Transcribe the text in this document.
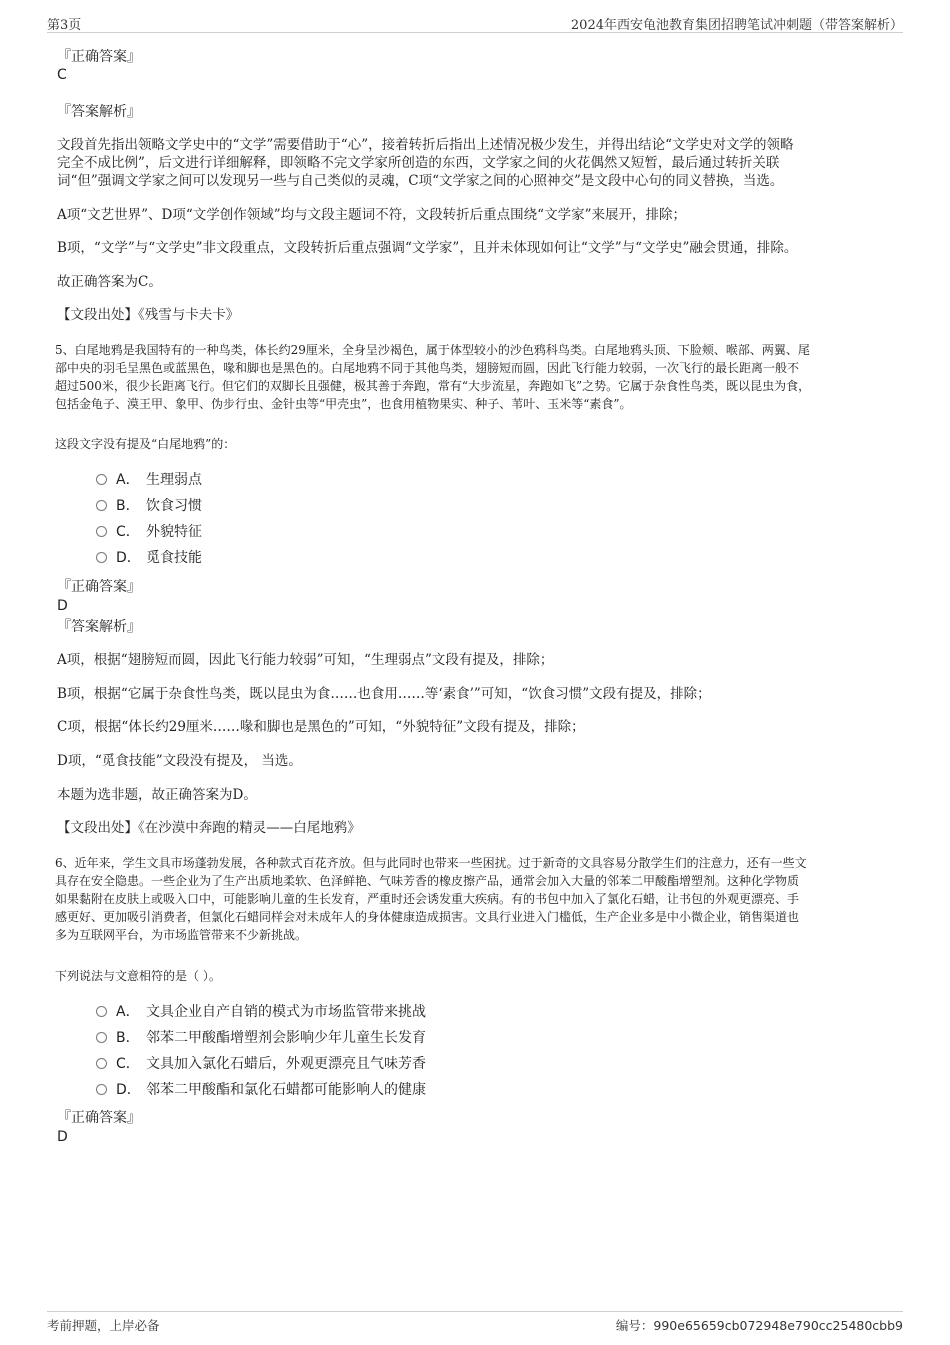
第3页	2024年西安龟池教育集团招聘笔试冲刺题（带答案解析）
『正确答案』
C
『答案解析』
文段首先指出领略文学史中的“文学”需要借助于“心”，接着转折后指出上述情况极少发生，并得出结论“文学史对文学的领略
完全不成比例”，后文进行详细解释，即领略不完文学家所创造的东西，文学家之间的火花偶然又短暂，最后通过转折关联
词“但”强调文学家之间可以发现另一些与自己类似的灵魂，C项“文学家之间的心照神交”是文段中心句的同义替换，当选。
A项“文艺世界”、D项“文学创作领域”均与文段主题词不符，文段转折后重点围绕“文学家”来展开，排除；
B项，“文学”与“文学史”非文段重点，文段转折后重点强调“文学家”，且并未体现如何让“文学”与“文学史”融会贯通，排除。
故正确答案为C。
【文段出处】《残雪与卡夫卡》
5、白尾地鸦是我国特有的一种鸟类，体长约29厘米，全身呈沙褐色，属于体型较小的沙色鸦科鸟类。白尾地鸦头顶、下脸颊、喉部、两翼、尾
部中央的羽毛呈黑色或蓝黑色，喙和脚也是黑色的。白尾地鸦不同于其他鸟类，翅膀短而圆，因此飞行能力较弱，一次飞行的最长距离一般不
超过500米，很少长距离飞行。但它们的双脚长且强健，极其善于奔跑，常有“大步流星，奔跑如飞”之势。它属于杂食性鸟类，既以昆虫为食，
包括金龟子、漠王甲、象甲、伪步行虫、金针虫等“甲壳虫”，也食用植物果实、种子、苇叶、玉米等“素食”。
这段文字没有提及“白尾地鸦”的：
A． 生理弱点
B． 饮食习惯
C． 外貌特征
D． 觅食技能
『正确答案』
D
『答案解析』
A项，根据“翅膀短而圆，因此飞行能力较弱”可知，“生理弱点”文段有提及，排除；
B项，根据“它属于杂食性鸟类，既以昆虫为食……也食用……等‘素食’”可知，“饮食习惯”文段有提及，排除；
C项，根据“体长约29厘米……喙和脚也是黑色的”可知，“外貌特征”文段有提及，排除；
D项，“觅食技能”文段没有提及， 当选。
本题为选非题，故正确答案为D。
【文段出处】《在沙漠中奔跑的精灵——白尾地鸦》
6、近年来，学生文具市场蓬勃发展，各种款式百花齐放。但与此同时也带来一些困扰。过于新奇的文具容易分散学生们的注意力，还有一些文
具存在安全隐患。一些企业为了生产出质地柔软、色泽鲜艳、气味芳香的橡皮擦产品，通常会加入大量的邻苯二甲酸酯增塑剂。这种化学物质
如果黏附在皮肤上或吸入口中，可能影响儿童的生长发育，严重时还会诱发重大疾病。有的书包中加入了氯化石蜡，让书包的外观更漂亮、手
感更好、更加吸引消费者，但氯化石蜡同样会对未成年人的身体健康造成损害。文具行业进入门槛低，生产企业多是中小微企业，销售渠道也
多为互联网平台，为市场监管带来不少新挑战。
下列说法与文意相符的是（ ）。
A． 文具企业自产自销的模式为市场监管带来挑战
B． 邻苯二甲酸酯增塑剂会影响少年儿童生长发育
C． 文具加入氯化石蜡后，外观更漂亮且气味芳香
D． 邻苯二甲酸酯和氯化石蜡都可能影响人的健康
『正确答案』
D
考前押题，上岸必备	编号：990e65659cb072948e790cc25480cbb9
